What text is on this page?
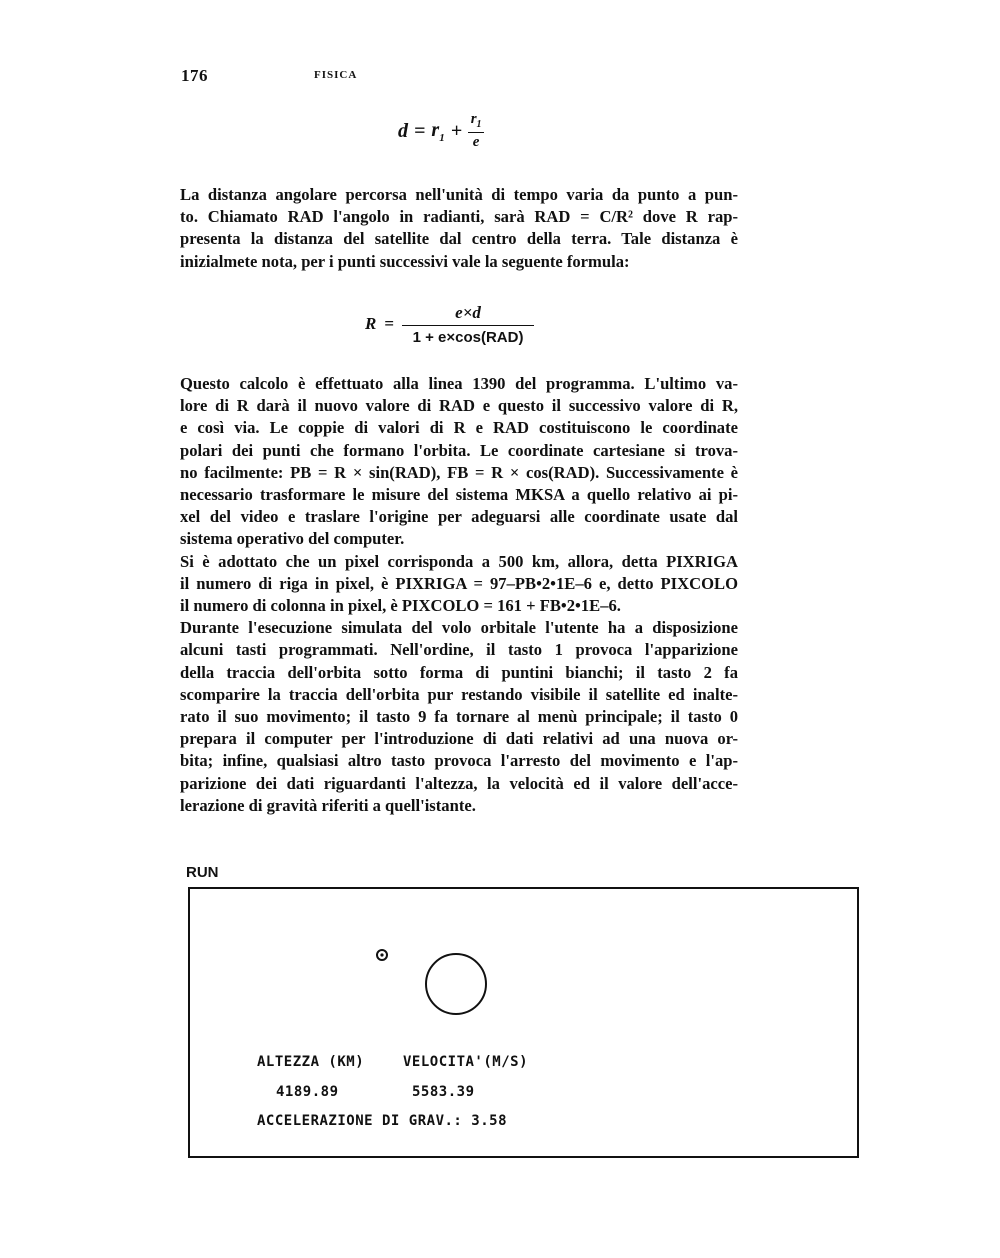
176	FISICA
$d = r_1 + \frac{r_1}{e}$

La distanza angolare percorsa nell'unità di tempo varia da punto a pun-

to. Chiamato RAD l'angolo in radianti, sarà RAD = C/R² dove R rap-

presenta la distanza del satellite dal centro della terra. Tale distanza è

inizialmete nota, per i punti successivi vale la seguente formula:

$R = \frac{e\times d}{\text{1 + e×cos(RAD)}}$

Questo calcolo è effettuato alla linea 1390 del programma. L'ultimo va-

lore di R darà il nuovo valore di RAD e questo il successivo valore di R,

e così via. Le coppie di valori di R e RAD costituiscono le coordinate

polari dei punti che formano l'orbita. Le coordinate cartesiane si trova-

no facilmente: PB = R × sin(RAD), FB = R × cos(RAD). Successivamente è

necessario trasformare le misure del sistema MKSA a quello relativo ai pi-

xel del video e traslare l'origine per adeguarsi alle coordinate usate dal

sistema operativo del computer.

Si è adottato che un pixel corrisponda a 500 km, allora, detta PIXRIGA

il numero di riga in pixel, è PIXRIGA = 97–PB•2•1E–6 e, detto PIXCOLO

il numero di colonna in pixel, è PIXCOLO = 161 + FB•2•1E–6.

Durante l'esecuzione simulata del volo orbitale l'utente ha a disposizione

alcuni tasti programmati. Nell'ordine, il tasto 1 provoca l'apparizione

della traccia dell'orbita sotto forma di puntini bianchi; il tasto 2 fa

scomparire la traccia dell'orbita pur restando visibile il satellite ed inalte-

rato il suo movimento; il tasto 9 fa tornare al menù principale; il tasto 0

prepara il computer per l'introduzione di dati relativi ad una nuova or-

bita; infine, qualsiasi altro tasto provoca l'arresto del movimento e l'ap-

parizione dei dati riguardanti l'altezza, la velocità ed il valore dell'acce-

lerazione di gravità riferiti a quell'istante.

RUN
ALTEZZA (KM)	VELOCITA'(M/S)
4189.89	5583.39
ACCELERAZIONE DI GRAV.: 3.58
